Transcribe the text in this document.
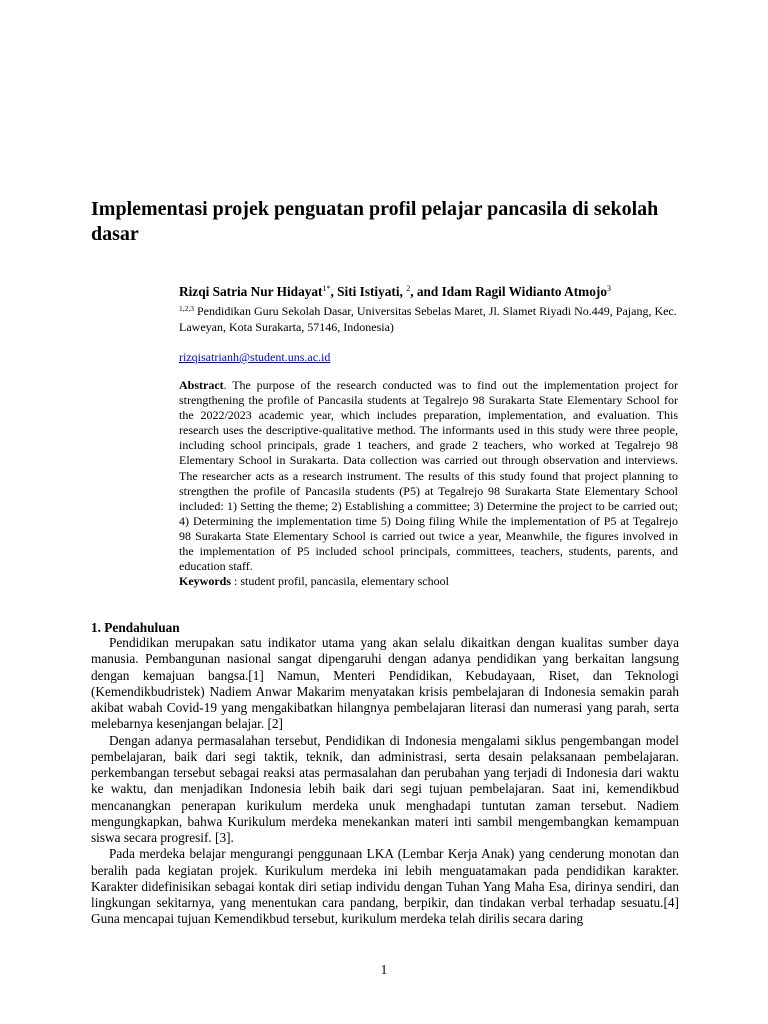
Implementasi projek penguatan profil pelajar pancasila di sekolah dasar
Rizqi Satria Nur Hidayat$^{1*}$, Siti Istiyati, $^2$, and Idam Ragil Widianto Atmojo$^3$
$^{1,2,3}$ Pendidikan Guru Sekolah Dasar, Universitas Sebelas Maret, Jl. Slamet Riyadi No.449, Pajang, Kec. Laweyan, Kota Surakarta, 57146, Indonesia)
rizqisatrianh@student.uns.ac.id
Abstract. The purpose of the research conducted was to find out the implementation project for strengthening the profile of Pancasila students at Tegalrejo 98 Surakarta State Elementary School for the 2022/2023 academic year, which includes preparation, implementation, and evaluation. This research uses the descriptive-qualitative method. The informants used in this study were three people, including school principals, grade 1 teachers, and grade 2 teachers, who worked at Tegalrejo 98 Elementary School in Surakarta. Data collection was carried out through observation and interviews. The researcher acts as a research instrument. The results of this study found that project planning to strengthen the profile of Pancasila students (P5) at Tegalrejo 98 Surakarta State Elementary School included: 1) Setting the theme; 2) Establishing a committee; 3) Determine the project to be carried out; 4) Determining the implementation time 5) Doing filing While the implementation of P5 at Tegalrejo 98 Surakarta State Elementary School is carried out twice a year, Meanwhile, the figures involved in the implementation of P5 included school principals, committees, teachers, students, parents, and education staff.
Keywords : student profil, pancasila, elementary school
1. Pendahuluan

Pendidikan merupakan satu indikator utama yang akan selalu dikaitkan dengan kualitas sumber daya manusia. Pembangunan nasional sangat dipengaruhi dengan adanya pendidikan yang berkaitan langsung dengan kemajuan bangsa.[1] Namun, Menteri Pendidikan, Kebudayaan, Riset, dan Teknologi (Kemendikbudristek) Nadiem Anwar Makarim menyatakan krisis pembelajaran di Indonesia semakin parah akibat wabah Covid-19 yang mengakibatkan hilangnya pembelajaran literasi dan numerasi yang parah, serta melebarnya kesenjangan belajar. [2]

Dengan adanya permasalahan tersebut, Pendidikan di Indonesia mengalami siklus pengembangan model pembelajaran, baik dari segi taktik, teknik, dan administrasi, serta desain pelaksanaan pembelajaran. perkembangan tersebut sebagai reaksi atas permasalahan dan perubahan yang terjadi di Indonesia dari waktu ke waktu, dan menjadikan Indonesia lebih baik dari segi tujuan pembelajaran. Saat ini, kemendikbud mencanangkan penerapan kurikulum merdeka unuk menghadapi tuntutan zaman tersebut. Nadiem mengungkapkan, bahwa Kurikulum merdeka menekankan materi inti sambil mengembangkan kemampuan siswa secara progresif. [3].

Pada merdeka belajar mengurangi penggunaan LKA (Lembar Kerja Anak) yang cenderung monotan dan beralih pada kegiatan projek. Kurikulum merdeka ini lebih menguatamakan pada pendidikan karakter. Karakter didefinisikan sebagai kontak diri setiap individu dengan Tuhan Yang Maha Esa, dirinya sendiri, dan lingkungan sekitarnya, yang menentukan cara pandang, berpikir, dan tindakan verbal terhadap sesuatu.[4] Guna mencapai tujuan Kemendikbud tersebut, kurikulum merdeka telah dirilis secara daring

1
